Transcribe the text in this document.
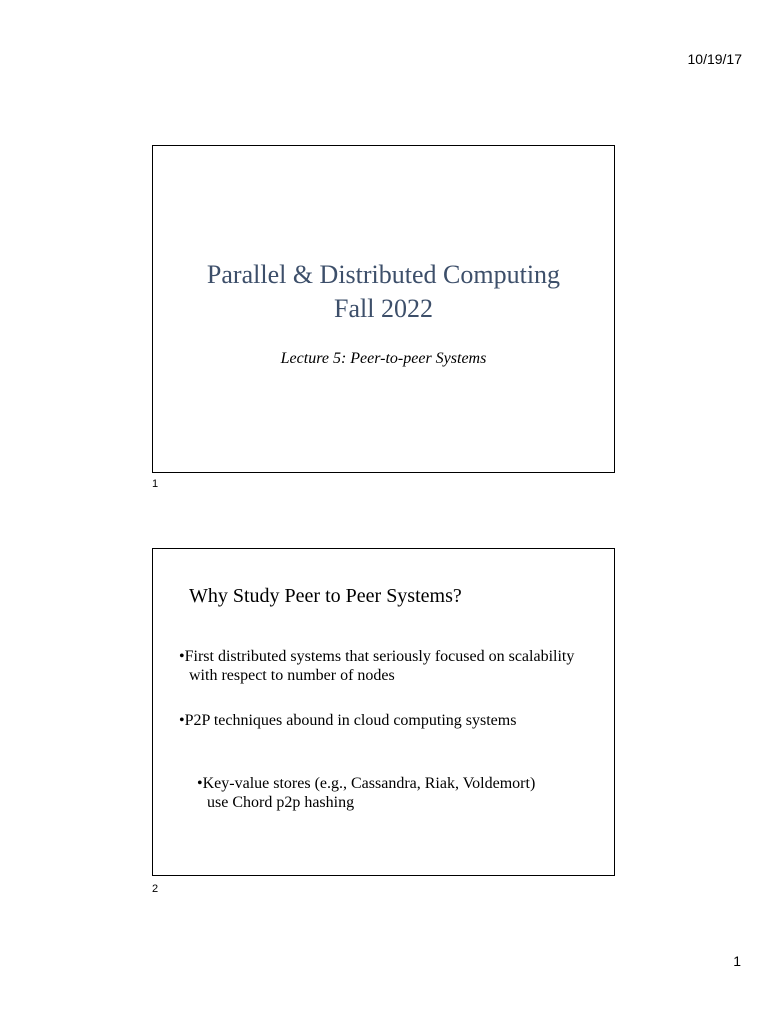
10/19/17
Parallel & Distributed Computing
Fall 2022
Lecture 5: Peer-to-peer Systems
1
Why Study Peer to Peer Systems?
• First distributed systems that seriously focused on scalability with respect to number of nodes
• P2P techniques abound in cloud computing systems
• Key-value stores (e.g., Cassandra, Riak, Voldemort) use Chord p2p hashing
2
1
